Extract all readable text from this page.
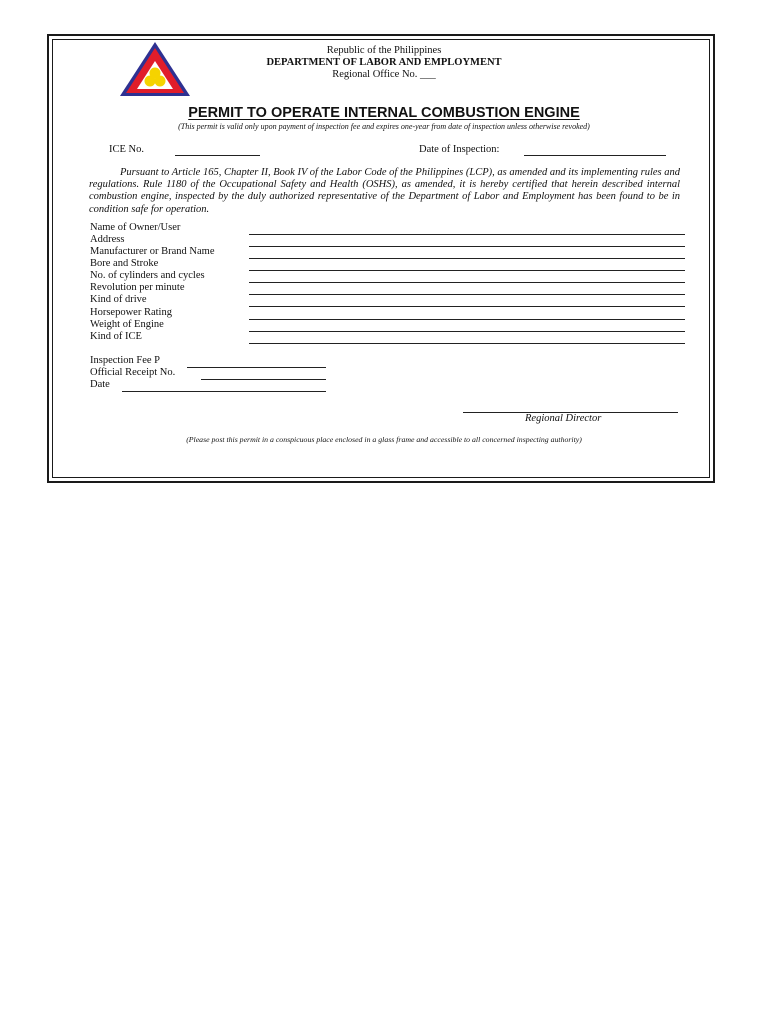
Republic of the Philippines
DEPARTMENT OF LABOR AND EMPLOYMENT
Regional Office No. ___
PERMIT TO OPERATE INTERNAL COMBUSTION ENGINE
(This permit is valid only upon payment of inspection fee and expires one-year from date of inspection unless otherwise revoked)
ICE No.	Date of Inspection:
Pursuant to Article 165, Chapter II, Book IV of the Labor Code of the Philippines (LCP), as amended and its implementing rules and regulations. Rule 1180 of the Occupational Safety and Health (OSHS), as amended, it is hereby certified that herein described internal combustion engine, inspected by the duly authorized representative of the Department of Labor and Employment has been found to be in condition safe for operation.
Name of Owner/User
Address
Manufacturer or Brand Name
Bore and Stroke
No. of cylinders and cycles
Revolution per minute
Kind of drive
Horsepower Rating
Weight of Engine
Kind of ICE
Inspection Fee P
Official Receipt No.
Date
Regional Director
(Please post this permit in a conspicuous place enclosed in a glass frame and accessible to all concerned inspecting authority)
